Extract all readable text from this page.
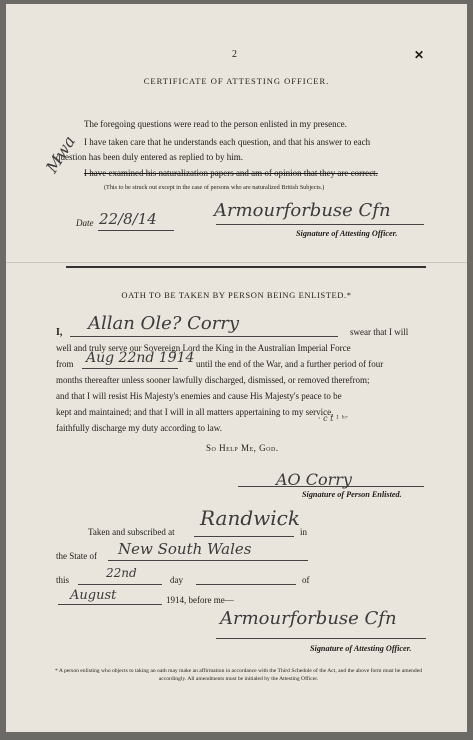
2	✕
CERTIFICATE OF ATTESTING OFFICER.
The foregoing questions were read to the person enlisted in my presence.
I have taken care that he understands each question, and that his answer to each
question has been duly entered as replied to by him.
I have examined his naturalization papers and am of opinion that they are correct.
(This to be struck out except in the case of persons who are naturalized British Subjects.)
Mwa
Date 22/8/14	Armourforbuse Cfn
Signature of Attesting Officer.
OATH TO BE TAKEN BY PERSON BEING ENLISTED.*
I, Allan Ole? Corry	swear that I will
well and truly serve our Sovereign Lord the King in the Australian Imperial Force
from Aug 22nd 1914 until the end of the War, and a further period of four
months thereafter unless sooner lawfully discharged, dismissed, or removed therefrom;
and that I will resist His Majesty's enemies and cause His Majesty's peace to be
kept and maintained; and that I will in all matters appertaining to my service,
faithfully discharge my duty according to law.
· c t ¹ ʰʳ
So Help Me, God.
AO Corry
Signature of Person Enlisted.
Taken and subscribed at
Randwick
in
the State of New South Wales
this	22nd	day	of
August	1914, before me—
Armourforbuse Cfn
Signature of Attesting Officer.
* A person enlisting who objects to taking an oath may make an affirmation in accordance with the Third Schedule of the Act, and the above form must be amended accordingly. All amendments must be initialed by the Attesting Officer.
